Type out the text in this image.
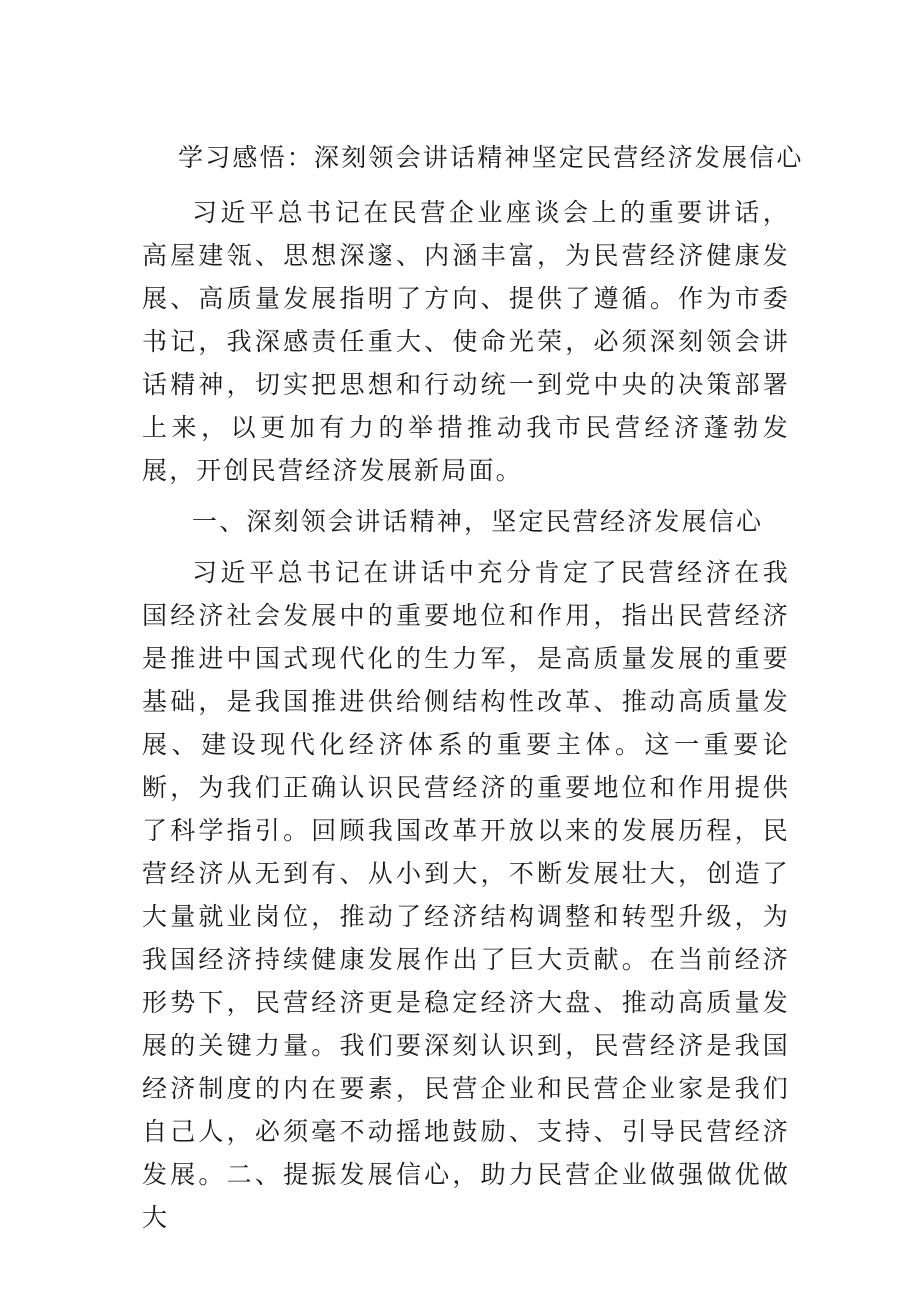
学习感悟：深刻领会讲话精神坚定民营经济发展信心

习近平总书记在民营企业座谈会上的重要讲话，高屋建瓴、思想深邃、内涵丰富，为民营经济健康发展、高质量发展指明了方向、提供了遵循。作为市委书记，我深感责任重大、使命光荣，必须深刻领会讲话精神，切实把思想和行动统一到党中央的决策部署上来，以更加有力的举措推动我市民营经济蓬勃发展，开创民营经济发展新局面。

一、深刻领会讲话精神，坚定民营经济发展信心

习近平总书记在讲话中充分肯定了民营经济在我国经济社会发展中的重要地位和作用，指出民营经济是推进中国式现代化的生力军，是高质量发展的重要基础，是我国推进供给侧结构性改革、推动高质量发展、建设现代化经济体系的重要主体。这一重要论断，为我们正确认识民营经济的重要地位和作用提供了科学指引。回顾我国改革开放以来的发展历程，民营经济从无到有、从小到大，不断发展壮大，创造了大量就业岗位，推动了经济结构调整和转型升级，为我国经济持续健康发展作出了巨大贡献。在当前经济形势下，民营经济更是稳定经济大盘、推动高质量发展的关键力量。我们要深刻认识到，民营经济是我国经济制度的内在要素，民营企业和民营企业家是我们自己人，必须毫不动摇地鼓励、支持、引导民营经济发展。二、提振发展信心，助力民营企业做强做优做大
